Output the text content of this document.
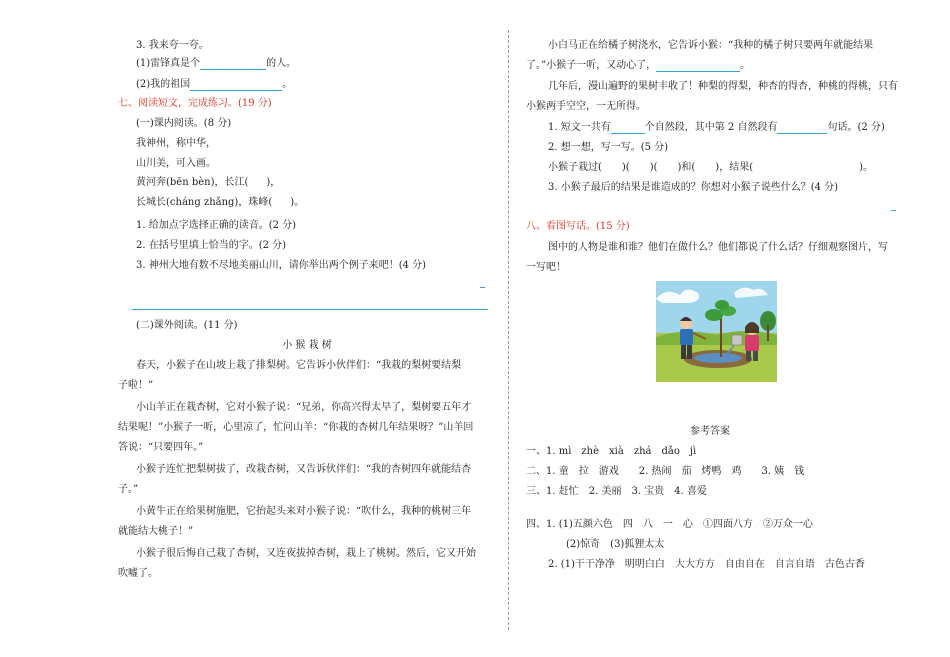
3. 我来夸一夸。
(1)雷锋真是个	的人。
(2)我的祖国	。
七、阅读短文，完成练习。(19 分)
(一)课内阅读。(8 分)
我神州，称中华，
山川美，可入画。
黄河奔(bēn bèn)，长江( )，
长城长(cháng zhǎng)，珠峰( )。
1. 给加点字选择正确的读音。(2 分)
2. 在括号里填上恰当的字。(2 分)
3. 神州大地有数不尽地美丽山川，请你举出两个例子来吧！(4 分)
(二)课外阅读。(11 分)
小 猴 栽 树
春天，小猴子在山坡上栽了排梨树。它告诉小伙伴们：“我栽的梨树要结梨
子啦！”
小山羊正在栽杏树，它对小猴子说：“兄弟，你高兴得太早了，梨树要五年才
结果呢！”小猴子一听，心里凉了，忙问山羊：“你栽的杏树几年结果呀？”山羊回
答说：“只要四年。”
小猴子连忙把梨树拔了，改栽杏树，又告诉伙伴们：“我的杏树四年就能结杏
子。”
小黄牛正在给果树施肥，它抬起头来对小猴子说：“吹什么，我种的桃树三年
就能结大桃子！”
小猴子很后悔自己栽了杏树，又连夜拔掉杏树，栽上了桃树。然后，它又开始
吹嘘了。
小白马正在给橘子树浇水，它告诉小猴：“我种的橘子树只要两年就能结果
了。”小猴子一听，又动心了，	。
几年后，漫山遍野的果树丰收了！种梨的得梨，种杏的得杏，种桃的得桃，只有
小猴两手空空，一无所得。
1. 短文一共有	个自然段，其中第 2 自然段有	句话。(2 分)
2. 想一想，写一写。(5 分)
小猴子栽过(　　)(　　)(　　)和(　　)，结果(	)。
3. 小猴子最后的结果是谁造成的？你想对小猴子说些什么？(4 分)
八、看图写话。(15 分)
图中的人物是谁和谁？他们在做什么？他们都说了什么话？仔细观察图片，写
一写吧！
参考答案
一、1. mì　zhè　xià　zhá　dǎo　jì
二、1. 童　拉　游戏　　2. 热闹　茄　烤鸭　鸡　　3. 姨　钱
三、1. 赶忙　2. 美丽　3. 宝贵　4. 喜爱
四、1. (1)五颜六色　四　八　一　心　①四面八方　②万众一心
(2)惊奇　(3)狐狸太太
2. (1)干干净净　明明白白　大大方方　自由自在　自言自语　古色古香
